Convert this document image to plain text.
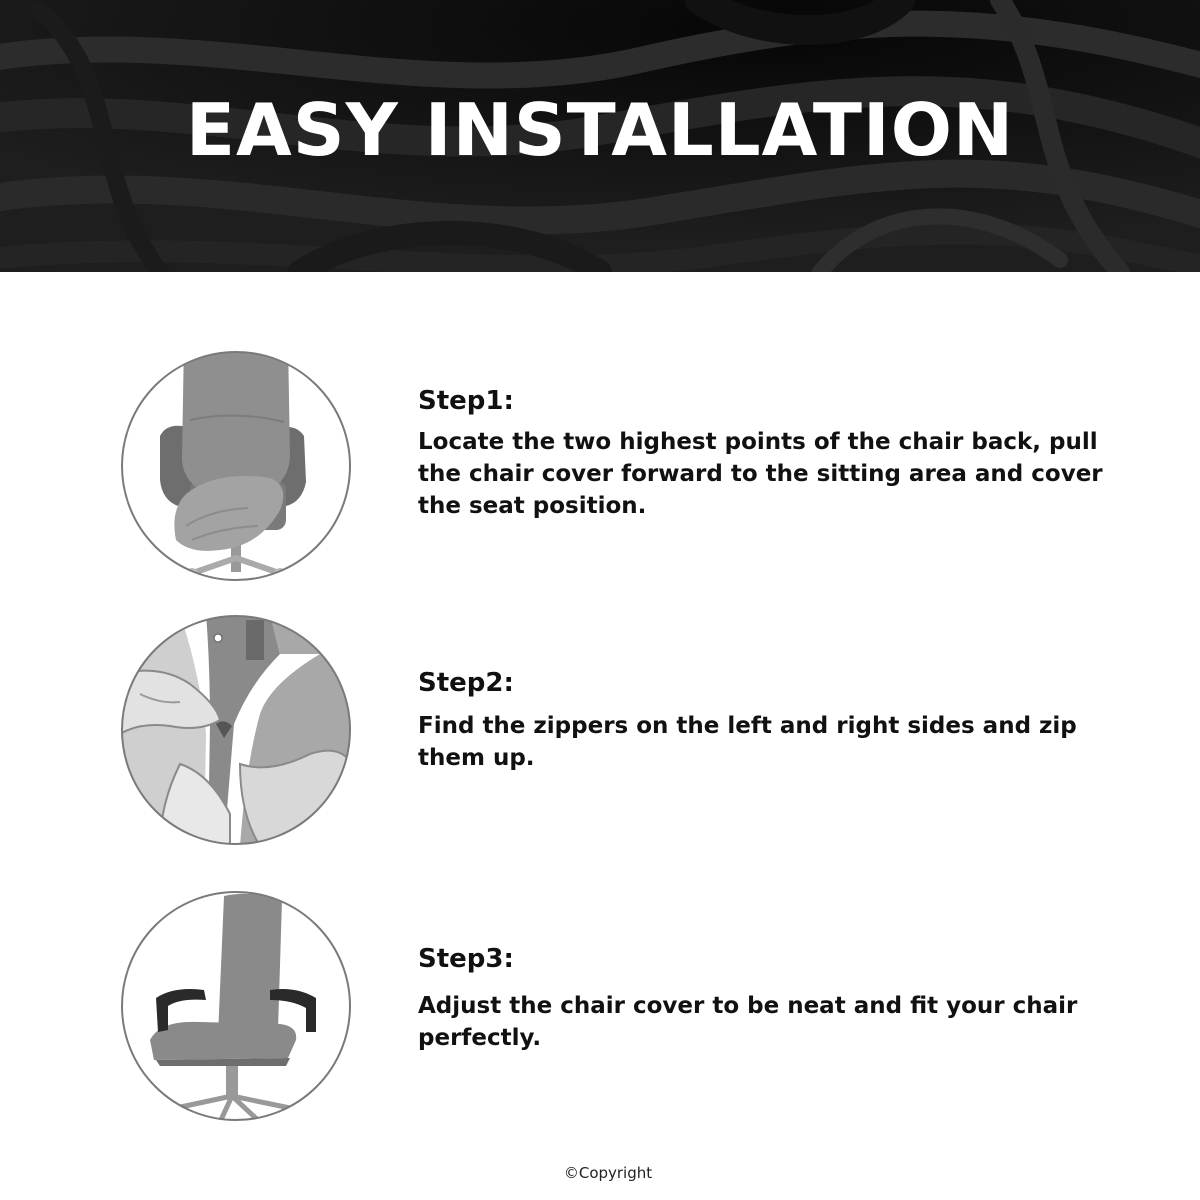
EASY INSTALLATION
Step1:

Locate the two highest points of the chair back, pull the chair cover forward to the sitting area and cover the seat position.

Step2:

Find the zippers on the left and right sides and zip them up.

Step3:

Adjust the chair cover to be neat and fit your chair perfectly.

©Copyright
